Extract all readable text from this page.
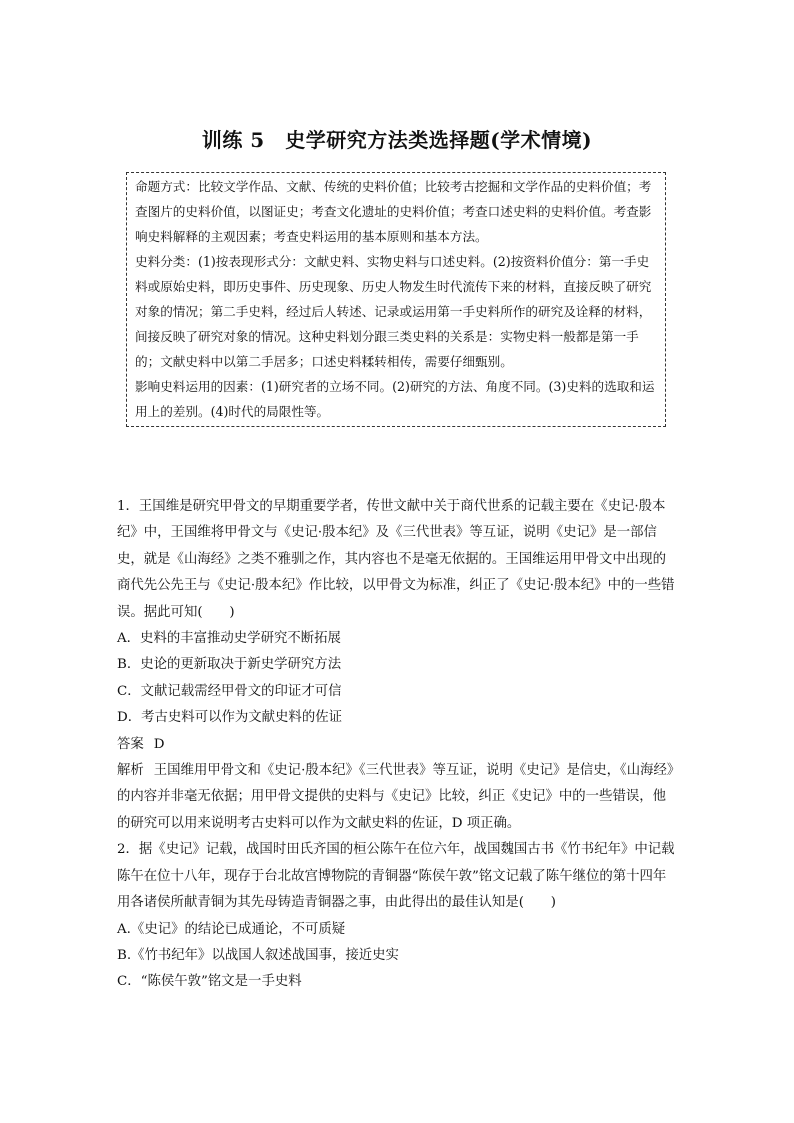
训练 5　史学研究方法类选择题(学术情境)

命题方式：比较文学作品、文献、传统的史料价值；比较考古挖掘和文学作品的史料价值；考查图片的史料价值，以图证史；考查文化遗址的史料价值；考查口述史料的史料价值。考查影响史料解释的主观因素；考查史料运用的基本原则和基本方法。

史料分类：(1)按表现形式分：文献史料、实物史料与口述史料。(2)按资料价值分：第一手史料或原始史料，即历史事件、历史现象、历史人物发生时代流传下来的材料，直接反映了研究对象的情况；第二手史料，经过后人转述、记录或运用第一手史料所作的研究及诠释的材料，间接反映了研究对象的情况。这种史料划分跟三类史料的关系是：实物史料一般都是第一手的；文献史料中以第二手居多；口述史料糅转相传，需要仔细甄别。

影响史料运用的因素：(1)研究者的立场不同。(2)研究的方法、角度不同。(3)史料的选取和运用上的差别。(4)时代的局限性等。

1．王国维是研究甲骨文的早期重要学者，传世文献中关于商代世系的记载主要在《史记·殷本纪》中，王国维将甲骨文与《史记·殷本纪》及《三代世表》等互证，说明《史记》是一部信史，就是《山海经》之类不雅驯之作，其内容也不是毫无依据的。王国维运用甲骨文中出现的商代先公先王与《史记·殷本纪》作比较，以甲骨文为标准，纠正了《史记·殷本纪》中的一些错误。据此可知(　　)

A．史料的丰富推动史学研究不断拓展

B．史论的更新取决于新史学研究方法

C．文献记载需经甲骨文的印证才可信

D．考古史料可以作为文献史料的佐证

答案 D

解析 王国维用甲骨文和《史记·殷本纪》《三代世表》等互证，说明《史记》是信史，《山海经》的内容并非毫无依据；用甲骨文提供的史料与《史记》比较，纠正《史记》中的一些错误，他的研究可以用来说明考古史料可以作为文献史料的佐证，D 项正确。

2．据《史记》记载，战国时田氏齐国的桓公陈午在位六年，战国魏国古书《竹书纪年》中记载陈午在位十八年，现存于台北故宫博物院的青铜器“陈侯午敦”铭文记载了陈午继位的第十四年用各诸侯所献青铜为其先母铸造青铜器之事，由此得出的最佳认知是(　　)

A.《史记》的结论已成通论，不可质疑

B.《竹书纪年》以战国人叙述战国事，接近史实

C．“陈侯午敦”铭文是一手史料
